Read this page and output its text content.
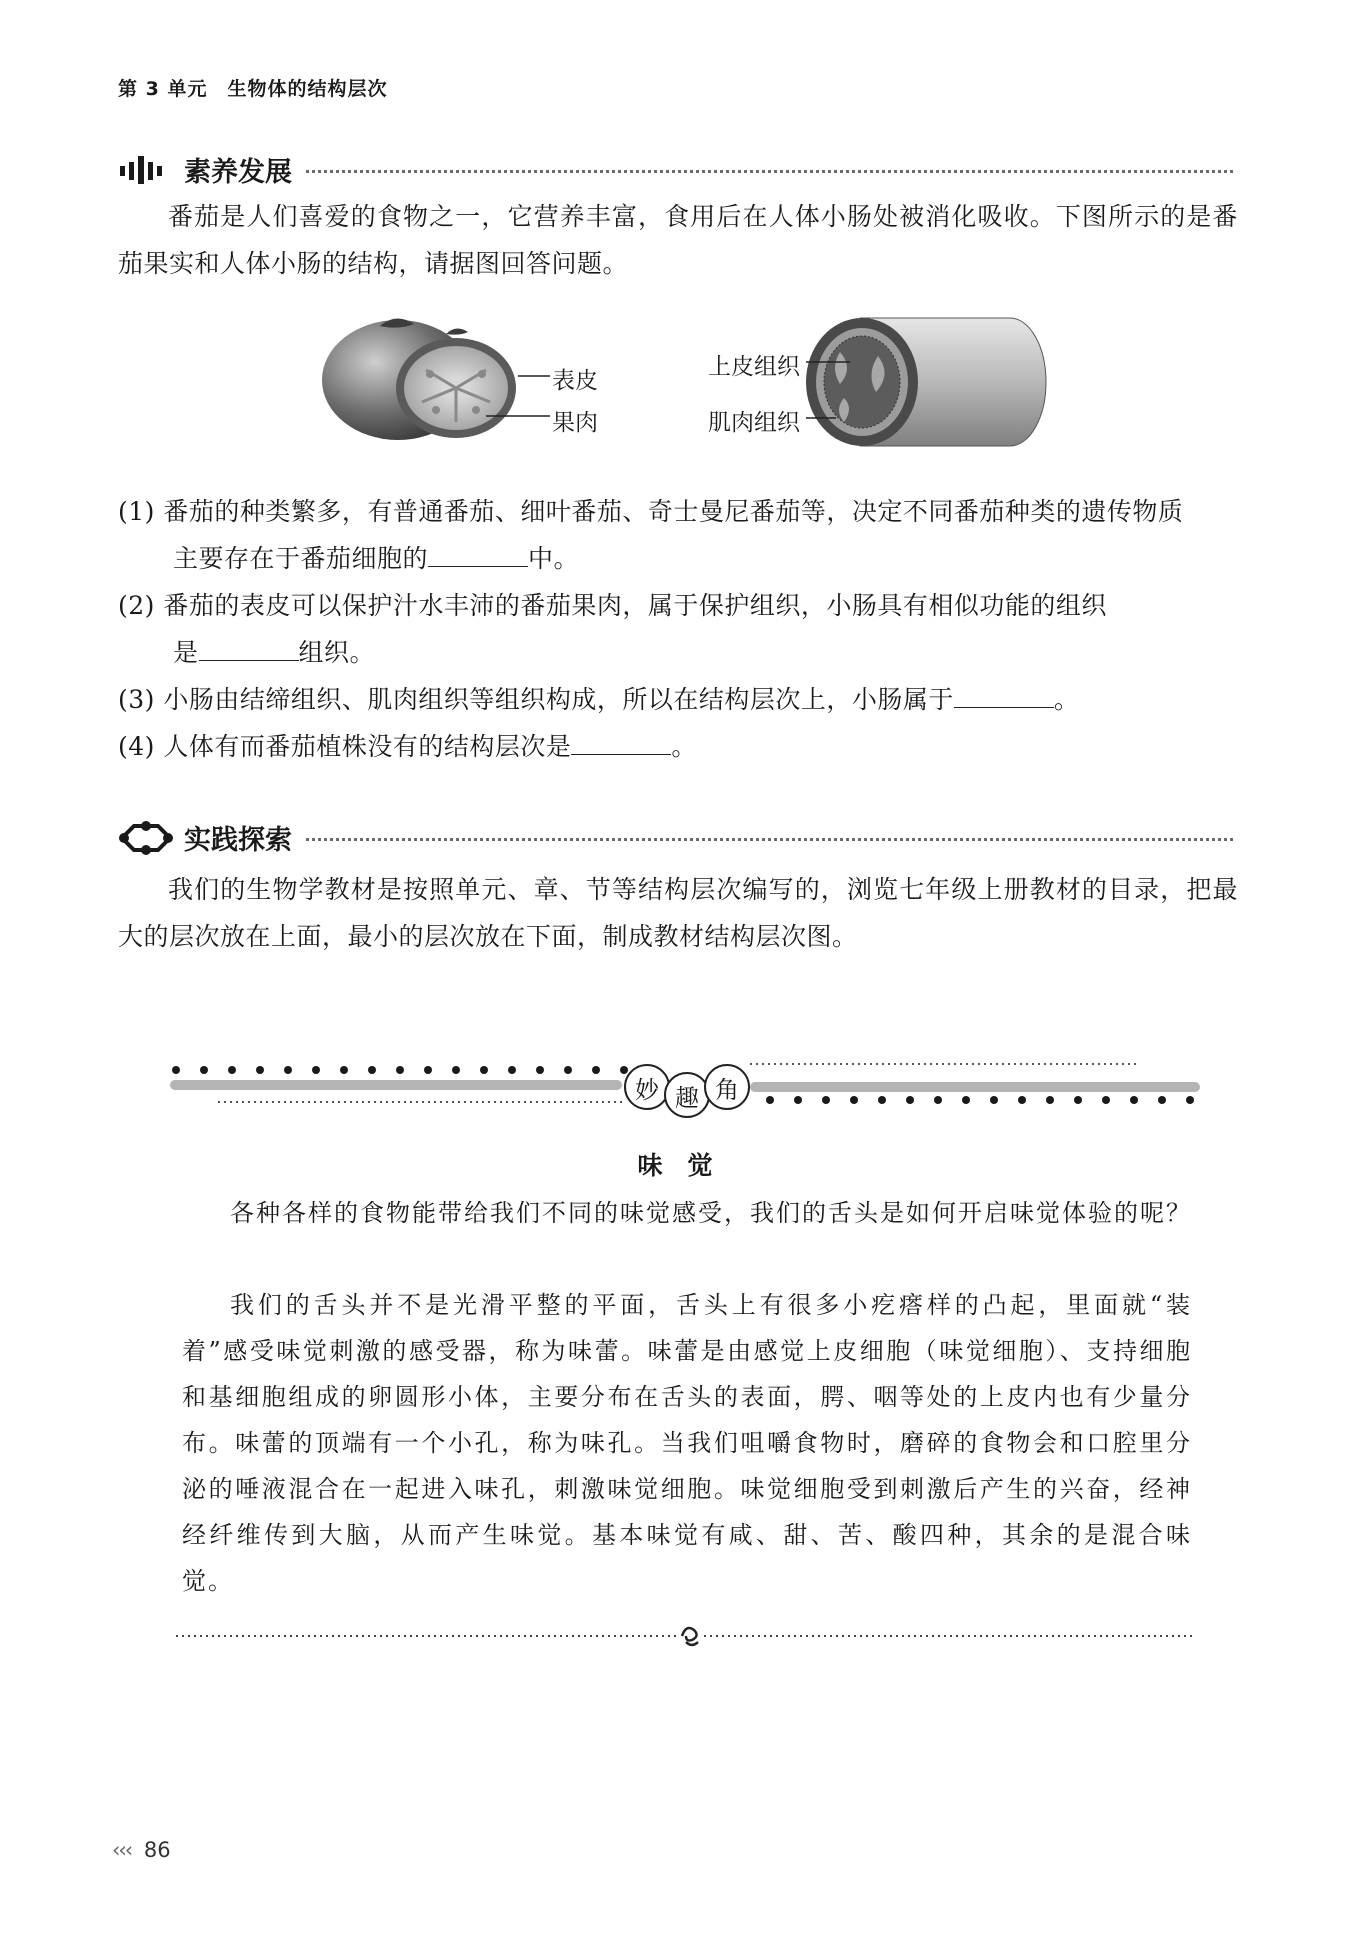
第 3 单元　生物体的结构层次
素养发展
番茄是人们喜爱的食物之一，它营养丰富，食用后在人体小肠处被消化吸收。下图所示的是番茄果实和人体小肠的结构，请据图回答问题。
表皮
果肉
上皮组织
肌肉组织
(1) 番茄的种类繁多，有普通番茄、细叶番茄、奇士曼尼番茄等，决定不同番茄种类的遗传物质
主要存在于番茄细胞的	中。
(2) 番茄的表皮可以保护汁水丰沛的番茄果肉，属于保护组织，小肠具有相似功能的组织
是	组织。
(3) 小肠由结缔组织、肌肉组织等组织构成，所以在结构层次上，小肠属于	。
(4) 人体有而番茄植株没有的结构层次是	。
实践探索
我们的生物学教材是按照单元、章、节等结构层次编写的，浏览七年级上册教材的目录，把最大的层次放在上面，最小的层次放在下面，制成教材结构层次图。
妙 趣 角
味　觉
各种各样的食物能带给我们不同的味觉感受，我们的舌头是如何开启味觉体验的呢？
我们的舌头并不是光滑平整的平面，舌头上有很多小疙瘩样的凸起，里面就“装着”感受味觉刺激的感受器，称为味蕾。味蕾是由感觉上皮细胞（味觉细胞）、支持细胞和基细胞组成的卵圆形小体，主要分布在舌头的表面，腭、咽等处的上皮内也有少量分布。味蕾的顶端有一个小孔，称为味孔。当我们咀嚼食物时，磨碎的食物会和口腔里分泌的唾液混合在一起进入味孔，刺激味觉细胞。味觉细胞受到刺激后产生的兴奋，经神经纤维传到大脑，从而产生味觉。基本味觉有咸、甜、苦、酸四种，其余的是混合味觉。
‹‹‹ 86
